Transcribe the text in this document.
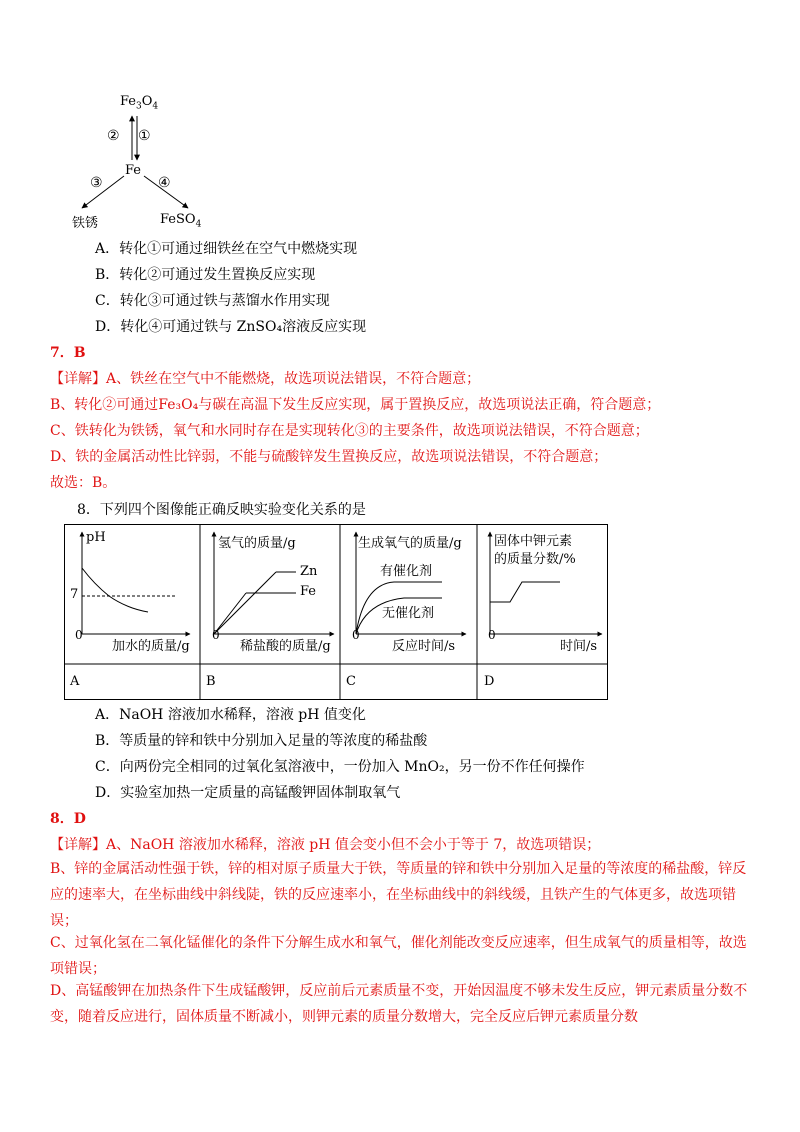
$Fe_3O_4$
② ①
Fe
③	④
铁锈	FeSO$_4$
A．转化①可通过细铁丝在空气中燃烧实现
B．转化②可通过发生置换反应实现
C．转化③可通过铁与蒸馏水作用实现
D．转化④可通过铁与 ZnSO₄溶液反应实现
7．B
【详解】A、铁丝在空气中不能燃烧，故选项说法错误，不符合题意；
B、转化②可通过Fe₃O₄与碳在高温下发生反应实现，属于置换反应，故选项说法正确，符合题意；
C、铁转化为铁锈，氧气和水同时存在是实现转化③的主要条件，故选项说法错误，不符合题意；
D、铁的金属活动性比锌弱，不能与硫酸锌发生置换反应，故选项说法错误，不符合题意；
故选：B。
8．下列四个图像能正确反映实验变化关系的是
pH
7
0
加水的质量/g
氢气的质量/g
Zn
Fe
0
稀盐酸的质量/g
生成氧气的质量/g
有催化剂
无催化剂
0
反应时间/s
固体中钾元素
的质量分数/%
0
时间/s
A	B	C	D
A．NaOH 溶液加水稀释，溶液 pH 值变化
B．等质量的锌和铁中分别加入足量的等浓度的稀盐酸
C．向两份完全相同的过氧化氢溶液中，一份加入 MnO₂，另一份不作任何操作
D．实验室加热一定质量的高锰酸钾固体制取氧气
8．D
【详解】A、NaOH 溶液加水稀释，溶液 pH 值会变小但不会小于等于 7，故选项错误；
B、锌的金属活动性强于铁，锌的相对原子质量大于铁，等质量的锌和铁中分别加入足量的等浓度的稀盐酸，锌反应的速率大，在坐标曲线中斜线陡，铁的反应速率小，在坐标曲线中的斜线缓，且铁产生的气体更多，故选项错误；
C、过氧化氢在二氧化锰催化的条件下分解生成水和氧气，催化剂能改变反应速率，但生成氧气的质量相等，故选项错误；
D、高锰酸钾在加热条件下生成锰酸钾，反应前后元素质量不变，开始因温度不够未发生反应，钾元素质量分数不变，随着反应进行，固体质量不断减小，则钾元素的质量分数增大，完全反应后钾元素质量分数
